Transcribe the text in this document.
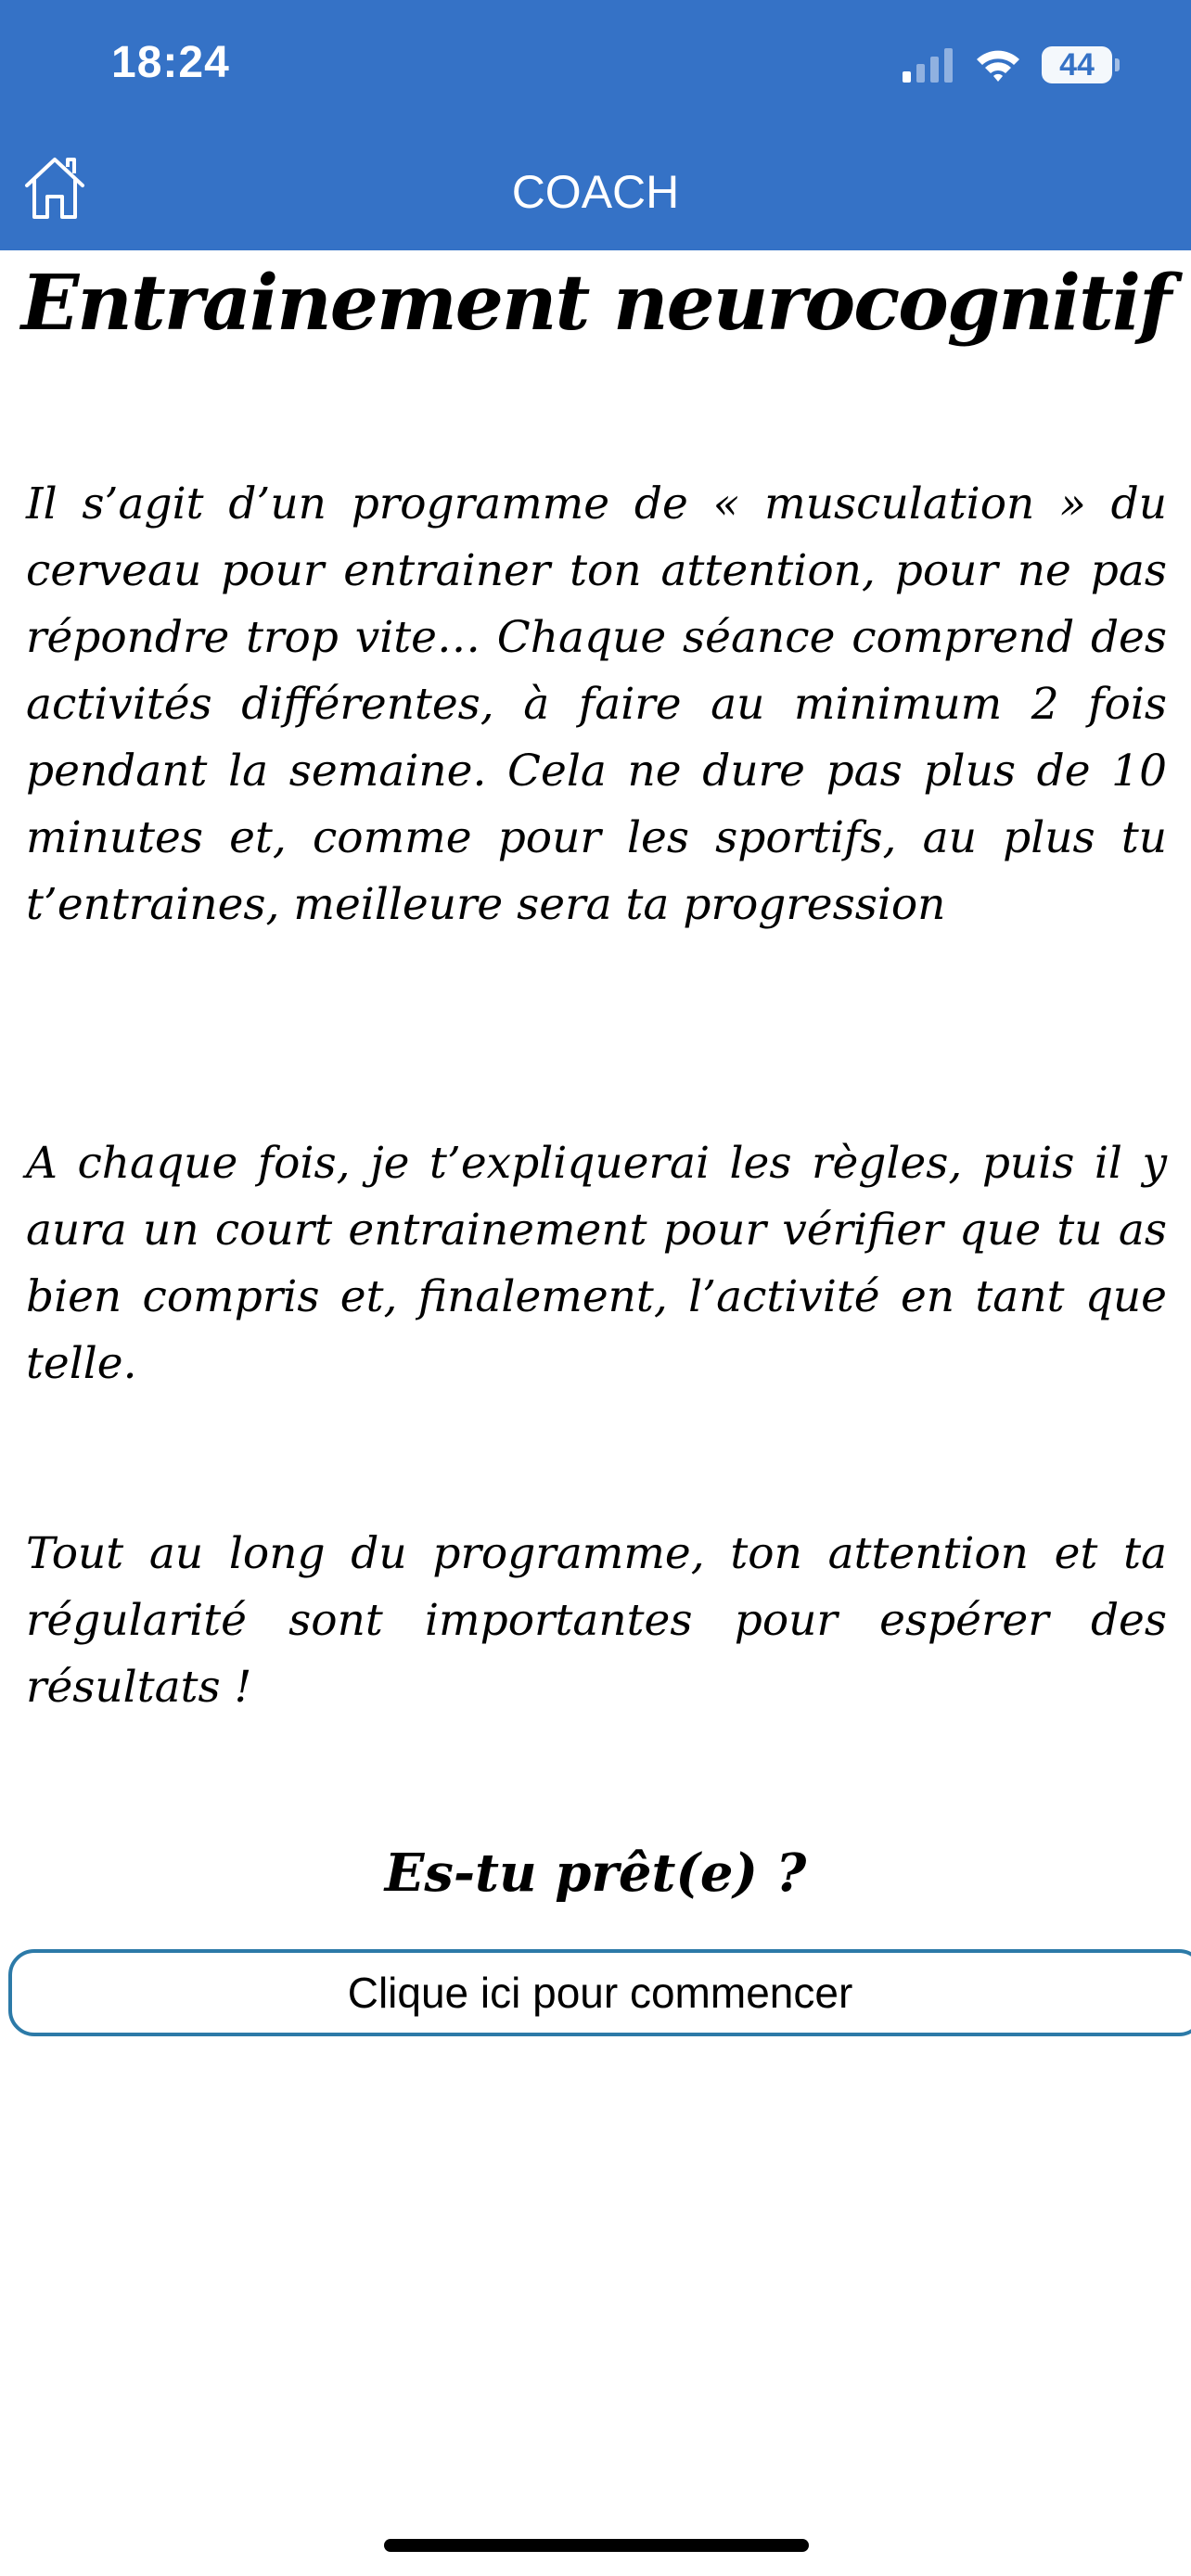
18:24	44
COACH
Entrainement neurocognitif

Il s’agit d’un programme de « musculation » du cerveau pour entrainer ton attention, pour ne pas répondre trop vite… Chaque séance comprend des activités différentes, à faire au minimum 2 fois pendant la semaine. Cela ne dure pas plus de 10 minutes et, comme pour les sportifs, au plus tu t’entraines, meilleure sera ta progression

A chaque fois, je t’expliquerai les règles, puis il y aura un court entrainement pour vérifier que tu as bien compris et, finalement, l’activité en tant que telle.

Tout au long du programme, ton attention et ta régularité sont importantes pour espérer des résultats !

Es-tu prêt(e) ?
Clique ici pour commencer
